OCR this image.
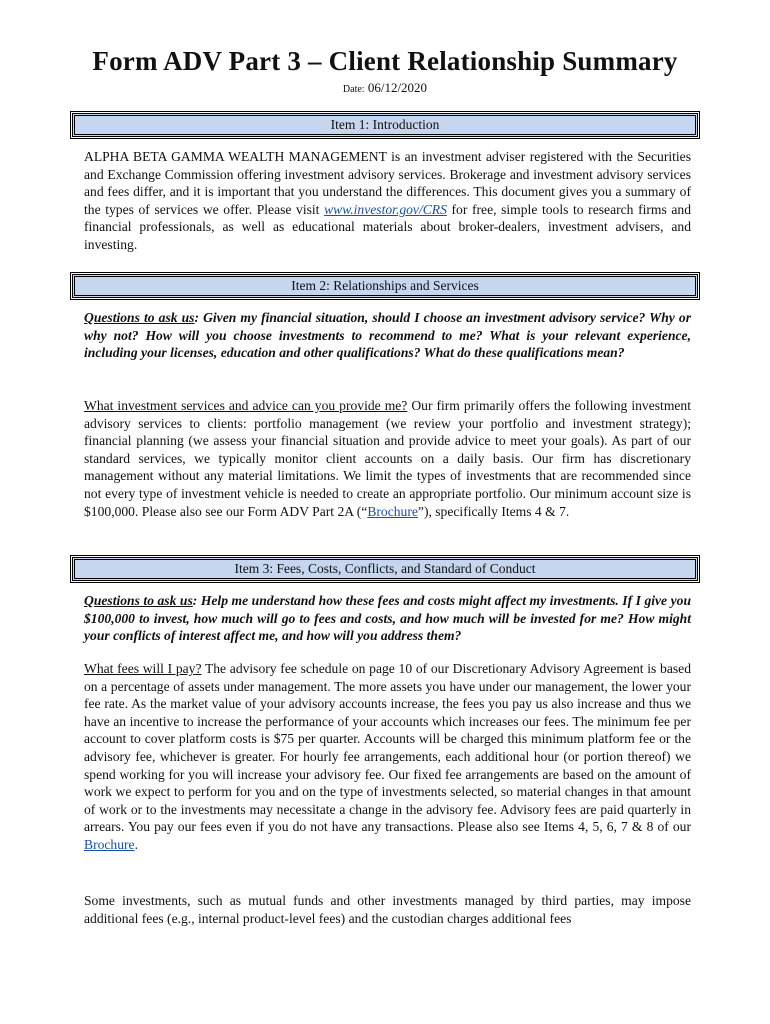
Form ADV Part 3 – Client Relationship Summary
Date: 06/12/2020
Item 1: Introduction

ALPHA BETA GAMMA WEALTH MANAGEMENT is an investment adviser registered with the Securities and Exchange Commission offering investment advisory services. Brokerage and investment advisory services and fees differ, and it is important that you understand the differences. This document gives you a summary of the types of services we offer. Please visit www.investor.gov/CRS for free, simple tools to research firms and financial professionals, as well as educational materials about broker-dealers, investment advisers, and investing.

Item 2: Relationships and Services

Questions to ask us: Given my financial situation, should I choose an investment advisory service? Why or why not? How will you choose investments to recommend to me? What is your relevant experience, including your licenses, education and other qualifications? What do these qualifications mean?

What investment services and advice can you provide me? Our firm primarily offers the following investment advisory services to clients: portfolio management (we review your portfolio and investment strategy); financial planning (we assess your financial situation and provide advice to meet your goals). As part of our standard services, we typically monitor client accounts on a daily basis. Our firm has discretionary management without any material limitations. We limit the types of investments that are recommended since not every type of investment vehicle is needed to create an appropriate portfolio. Our minimum account size is $100,000. Please also see our Form ADV Part 2A (“Brochure”), specifically Items 4 & 7.

Item 3: Fees, Costs, Conflicts, and Standard of Conduct

Questions to ask us: Help me understand how these fees and costs might affect my investments. If I give you $100,000 to invest, how much will go to fees and costs, and how much will be invested for me? How might your conflicts of interest affect me, and how will you address them?

What fees will I pay? The advisory fee schedule on page 10 of our Discretionary Advisory Agreement is based on a percentage of assets under management. The more assets you have under our management, the lower your fee rate. As the market value of your advisory accounts increase, the fees you pay us also increase and thus we have an incentive to increase the performance of your accounts which increases our fees. The minimum fee per account to cover platform costs is $75 per quarter. Accounts will be charged this minimum platform fee or the advisory fee, whichever is greater. For hourly fee arrangements, each additional hour (or portion thereof) we spend working for you will increase your advisory fee. Our fixed fee arrangements are based on the amount of work we expect to perform for you and on the type of investments selected, so material changes in that amount of work or to the investments may necessitate a change in the advisory fee. Advisory fees are paid quarterly in arrears. You pay our fees even if you do not have any transactions. Please also see Items 4, 5, 6, 7 & 8 of our Brochure.

Some investments, such as mutual funds and other investments managed by third parties, may impose additional fees (e.g., internal product-level fees) and the custodian charges additional fees
